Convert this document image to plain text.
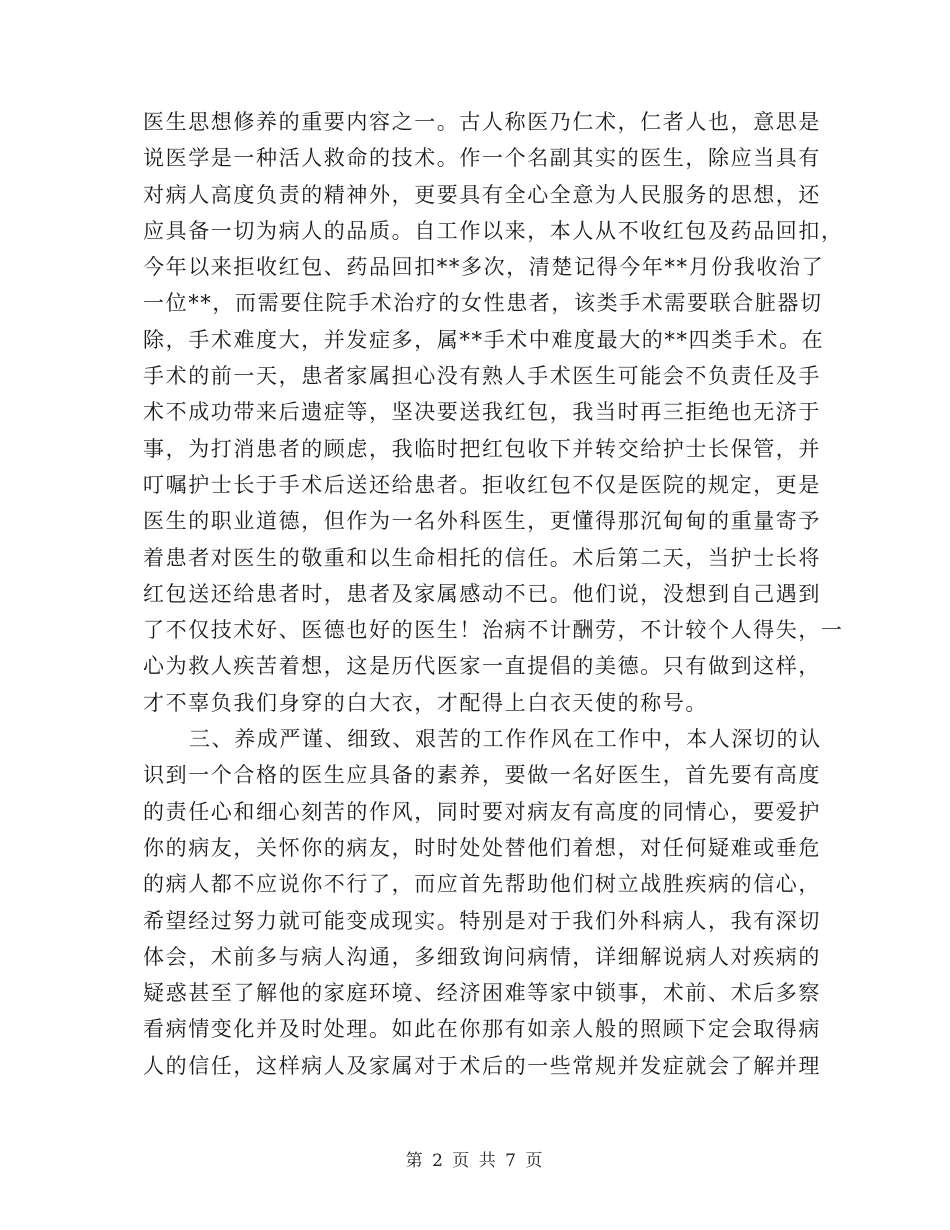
医生思想修养的重要内容之一。古人称医乃仁术，仁者人也，意思是
说医学是一种活人救命的技术。作一个名副其实的医生，除应当具有
对病人高度负责的精神外，更要具有全心全意为人民服务的思想，还
应具备一切为病人的品质。自工作以来，本人从不收红包及药品回扣，
今年以来拒收红包、药品回扣**多次，清楚记得今年**月份我收治了
一位**，而需要住院手术治疗的女性患者，该类手术需要联合脏器切
除，手术难度大，并发症多，属**手术中难度最大的**四类手术。在
手术的前一天，患者家属担心没有熟人手术医生可能会不负责任及手
术不成功带来后遗症等，坚决要送我红包，我当时再三拒绝也无济于
事，为打消患者的顾虑，我临时把红包收下并转交给护士长保管，并
叮嘱护士长于手术后送还给患者。拒收红包不仅是医院的规定，更是
医生的职业道德，但作为一名外科医生，更懂得那沉甸甸的重量寄予
着患者对医生的敬重和以生命相托的信任。术后第二天，当护士长将
红包送还给患者时，患者及家属感动不已。他们说，没想到自己遇到
了不仅技术好、医德也好的医生！治病不计酬劳，不计较个人得失，一
心为救人疾苦着想，这是历代医家一直提倡的美德。只有做到这样，
才不辜负我们身穿的白大衣，才配得上白衣天使的称号。
三、养成严谨、细致、艰苦的工作作风在工作中，本人深切的认
识到一个合格的医生应具备的素养，要做一名好医生，首先要有高度
的责任心和细心刻苦的作风，同时要对病友有高度的同情心，要爱护
你的病友，关怀你的病友，时时处处替他们着想，对任何疑难或垂危
的病人都不应说你不行了，而应首先帮助他们树立战胜疾病的信心，
希望经过努力就可能变成现实。特别是对于我们外科病人，我有深切
体会，术前多与病人沟通，多细致询问病情，详细解说病人对疾病的
疑惑甚至了解他的家庭环境、经济困难等家中锁事，术前、术后多察
看病情变化并及时处理。如此在你那有如亲人般的照顾下定会取得病
人的信任，这样病人及家属对于术后的一些常规并发症就会了解并理
第 2 页 共 7 页
